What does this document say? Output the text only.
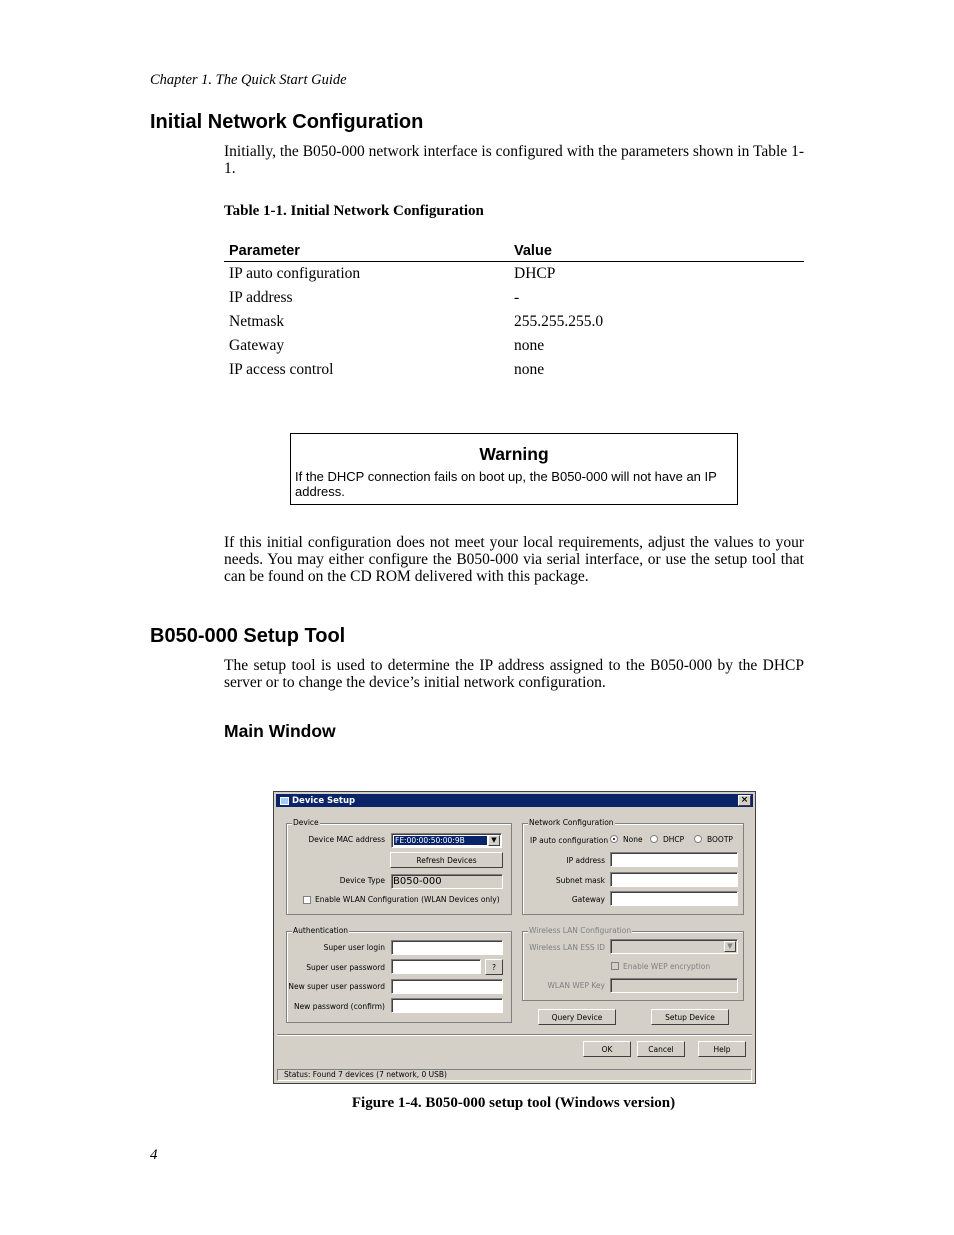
Chapter 1. The Quick Start Guide
Initial Network Configuration
Initially, the B050-000 network interface is configured with the parameters shown in Table 1-1.
Table 1-1. Initial Network Configuration
Parameter	Value
IP auto configuration	DHCP
IP address	-
Netmask	255.255.255.0
Gateway	none
IP access control	none
Warning
If the DHCP connection fails on boot up, the B050-000 will not have an IP address.
If this initial configuration does not meet your local requirements, adjust the values to your needs. You may either configure the B050-000 via serial interface, or use the setup tool that can be found on the CD ROM delivered with this package.
B050-000 Setup Tool
The setup tool is used to determine the IP address assigned to the B050-000 by the DHCP server or to change the device’s initial network configuration.
Main Window
Device Setup	×
Device
Device MAC address FE:00:00:50:00:9B	▼
Refresh Devices
Device Type B050-000
Enable WLAN Configuration (WLAN Devices only)
Network Configuration
IP auto configuration None	DHCP	BOOTP
IP address
Subnet mask
Gateway
Authentication
Super user login
Super user password	?
New super user password
New password (confirm)
Wireless LAN Configuration
Wireless LAN ESS ID	▼
Enable WEP encryption
WLAN WEP Key
Query Device	Setup Device
OK	Cancel	Help
Status: Found 7 devices (7 network, 0 USB)
Figure 1-4. B050-000 setup tool (Windows version)
4
